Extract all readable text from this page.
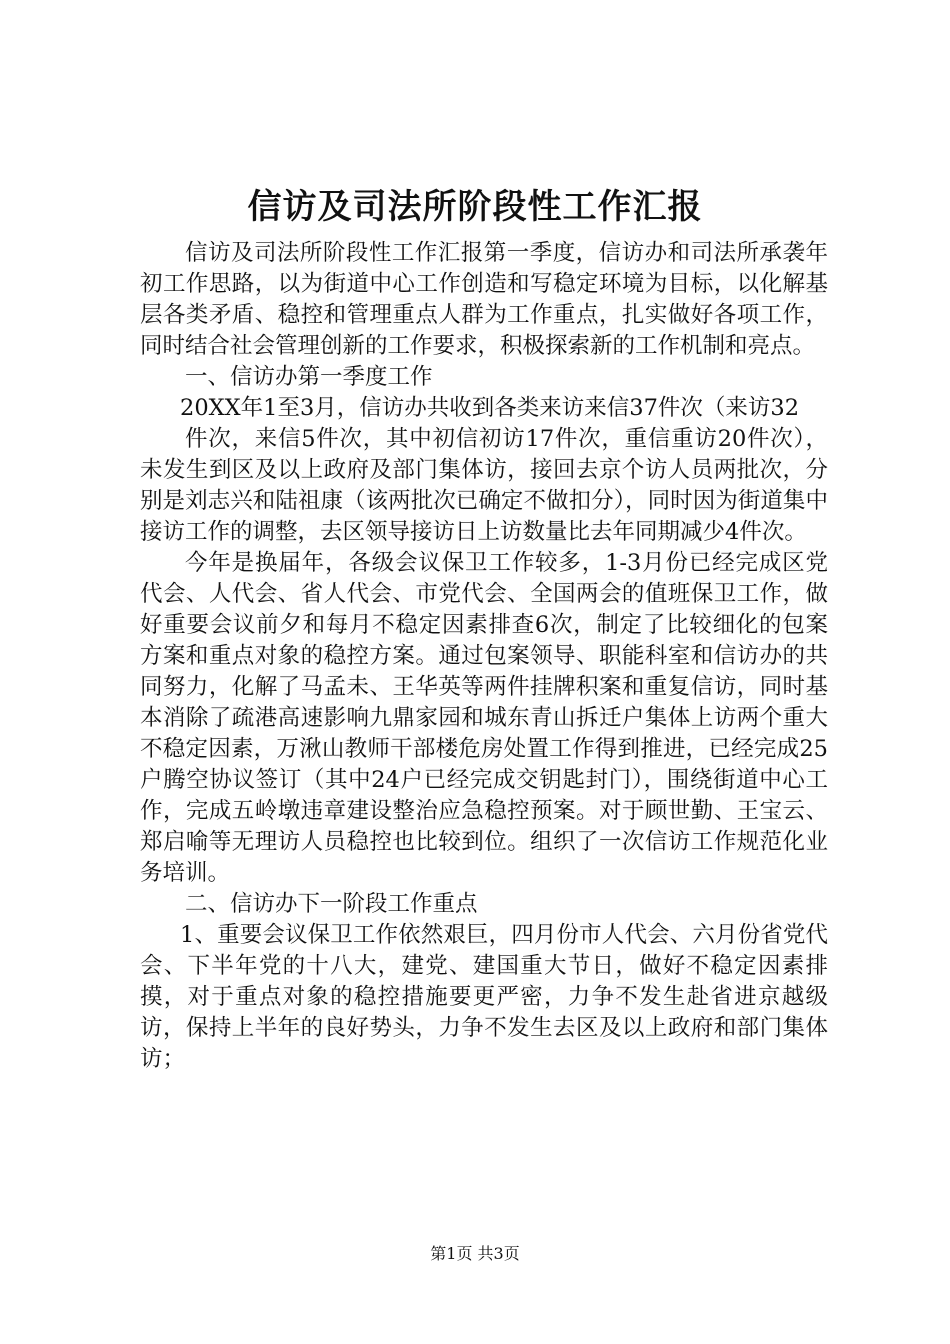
信访及司法所阶段性工作汇报

信访及司法所阶段性工作汇报第一季度，信访办和司法所承袭年初工作思路，以为街道中心工作创造和写稳定环境为目标，以化解基层各类矛盾、稳控和管理重点人群为工作重点，扎实做好各项工作，同时结合社会管理创新的工作要求，积极探索新的工作机制和亮点。

一、信访办第一季度工作

20XX年1至3月，信访办共收到各类来访来信37件次（来访32

件次，来信5件次，其中初信初访17件次，重信重访20件次），未发生到区及以上政府及部门集体访，接回去京个访人员两批次，分别是刘志兴和陆祖康（该两批次已确定不做扣分），同时因为街道集中接访工作的调整，去区领导接访日上访数量比去年同期减少4件次。

今年是换届年，各级会议保卫工作较多，1-3月份已经完成区党代会、人代会、省人代会、市党代会、全国两会的值班保卫工作，做好重要会议前夕和每月不稳定因素排查6次，制定了比较细化的包案方案和重点对象的稳控方案。通过包案领导、职能科室和信访办的共同努力，化解了马孟未、王华英等两件挂牌积案和重复信访，同时基本消除了疏港高速影响九鼎家园和城东青山拆迁户集体上访两个重大不稳定因素，万湫山教师干部楼危房处置工作得到推进，已经完成25户腾空协议签订（其中24户已经完成交钥匙封门），围绕街道中心工作，完成五岭墩违章建设整治应急稳控预案。对于顾世勤、王宝云、郑启喻等无理访人员稳控也比较到位。组织了一次信访工作规范化业务培训。

二、信访办下一阶段工作重点

1、重要会议保卫工作依然艰巨，四月份市人代会、六月份省党代会、下半年党的十八大，建党、建国重大节日，做好不稳定因素排摸，对于重点对象的稳控措施要更严密，力争不发生赴省进京越级访，保持上半年的良好势头，力争不发生去区及以上政府和部门集体访；

第1页 共3页
